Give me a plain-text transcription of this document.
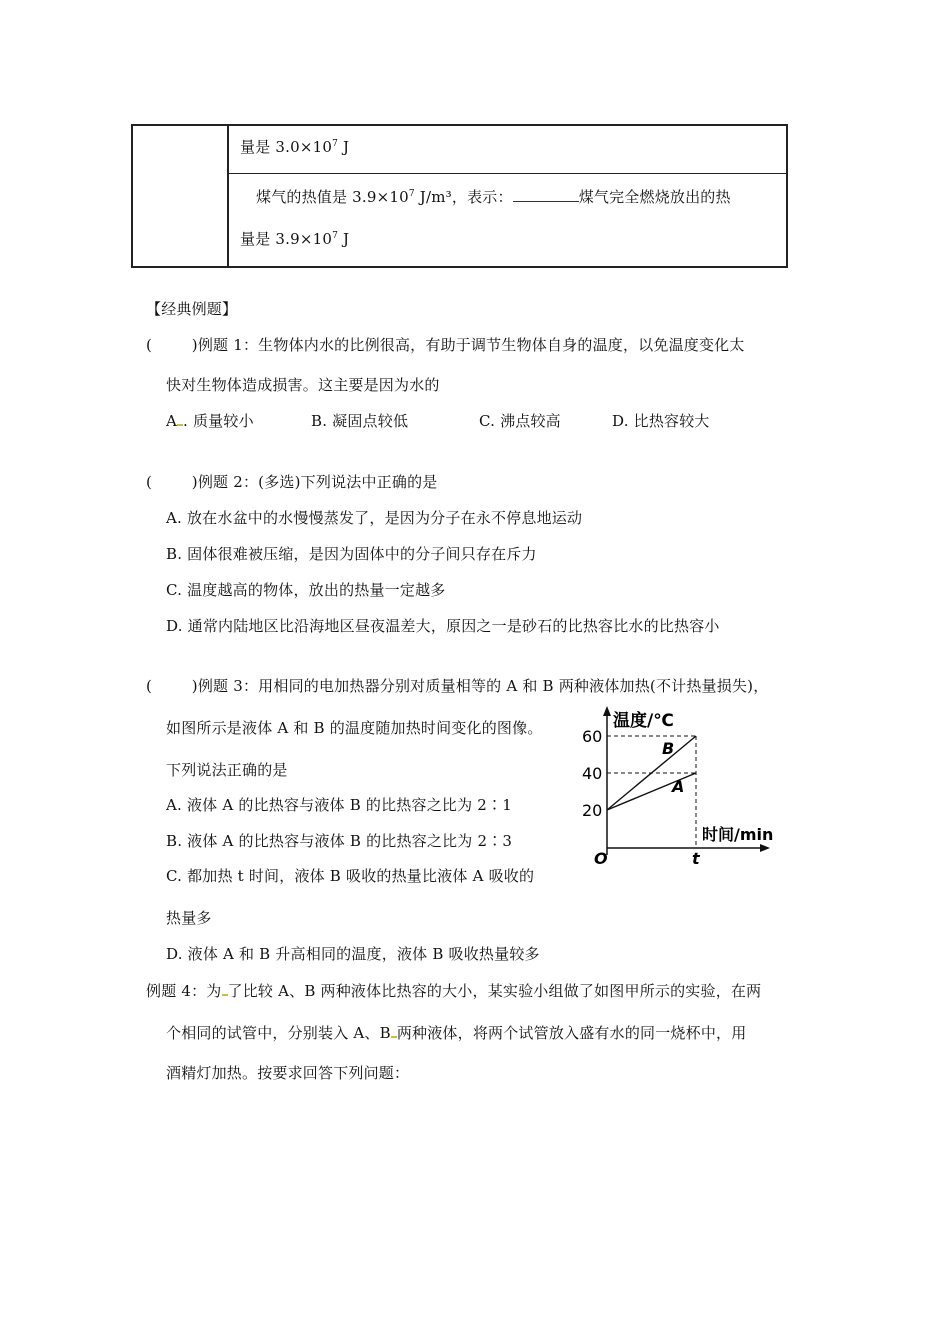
量是 $3.0\times 10^7$ J
煤气的热值是 $3.9\times 10^7$ J/m³，表示：	煤气完全燃烧放出的热
量是 $3.9\times 10^7$ J
【经典例题】
(        )例题 1：生物体内水的比例很高，有助于调节生物体自身的温度，以免温度变化太
快对生物体造成损害。这主要是因为水的
A . 质量较小	B. 凝固点较低	C. 沸点较高	D. 比热容较大
(        )例题 2：(多选)下列说法中正确的是
A. 放在水盆中的水慢慢蒸发了，是因为分子在永不停息地运动
B. 固体很难被压缩，是因为固体中的分子间只存在斥力
C. 温度越高的物体，放出的热量一定越多
D. 通常内陆地区比沿海地区昼夜温差大，原因之一是砂石的比热容比水的比热容小
(        )例题 3：用相同的电加热器分别对质量相等的 A 和 B 两种液体加热(不计热量损失)，
如图所示是液体 A 和 B 的温度随加热时间变化的图像。
下列说法正确的是
A. 液体 A 的比热容与液体 B 的比热容之比为 2∶1
B. 液体 A 的比热容与液体 B 的比热容之比为 2∶3
C. 都加热 t 时间，液体 B 吸收的热量比液体 A 吸收的
热量多
D. 液体 A 和 B 升高相同的温度，液体 B 吸收热量较多
温度/℃
60
40
20
B
A
时间/min
O	t
例题 4：为 了比较 A、B 两种液体比热容的大小，某实验小组做了如图甲所示的实验，在两
个相同的试管中，分别装入 A、B 两种液体，将两个试管放入盛有水的同一烧杯中，用
酒精灯加热。按要求回答下列问题：
